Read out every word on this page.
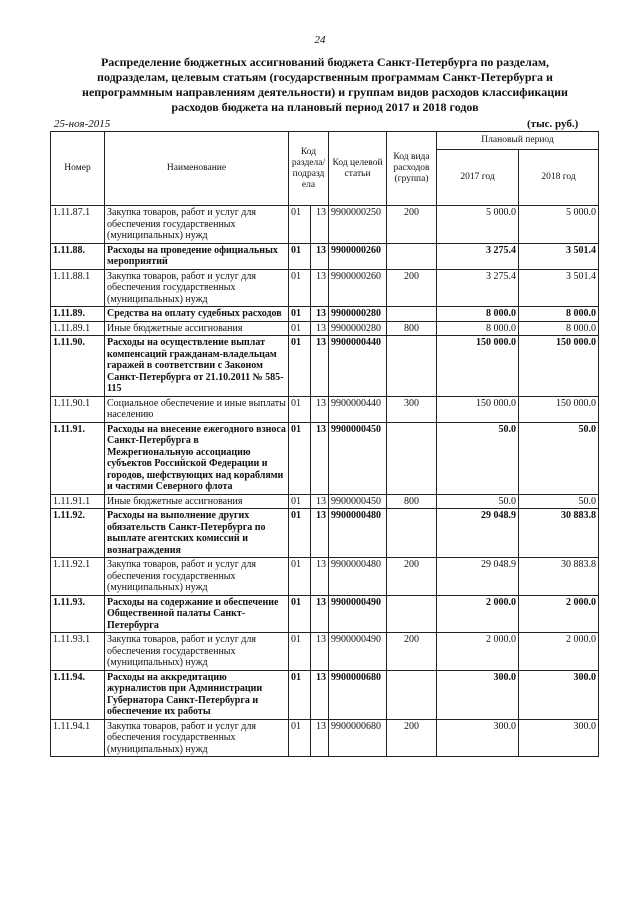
24
Распределение бюджетных ассигнований бюджета Санкт-Петербурга по разделам, подразделам, целевым статьям (государственным программам Санкт-Петербурга и непрограммным направлениям деятельности) и группам видов расходов классификации расходов бюджета на плановый период 2017 и 2018 годов
25-ноя-2015	(тыс. руб.)
Номер	Наименование	Код раздела/ подразд ела		Код целевой статьи	Код вида расходов (группа)	Плановый период	
						2017 год	2018 год
1.11.87.1	Закупка товаров, работ и услуг для обеспечения государственных (муниципальных) нужд	01	13	9900000250	200	5 000.0	5 000.0
1.11.88.	Расходы на проведение официальных мероприятий	01	13	9900000260		3 275.4	3 501.4
1.11.88.1	Закупка товаров, работ и услуг для обеспечения государственных (муниципальных) нужд	01	13	9900000260	200	3 275.4	3 501.4
1.11.89.	Средства на оплату судебных расходов	01	13	9900000280		8 000.0	8 000.0
1.11.89.1	Иные бюджетные ассигнования	01	13	9900000280	800	8 000.0	8 000.0
1.11.90.	Расходы на осуществление выплат компенсаций гражданам-владельцам гаражей в соответствии с Законом Санкт-Петербурга от 21.10.2011 № 585-115	01	13	9900000440		150 000.0	150 000.0
1.11.90.1	Социальное обеспечение и иные выплаты населению	01	13	9900000440	300	150 000.0	150 000.0
1.11.91.	Расходы на внесение ежегодного взноса Санкт-Петербурга в Межрегиональную ассоциацию субъектов Российской Федерации и городов, шефствующих над кораблями и частями Северного флота	01	13	9900000450		50.0	50.0
1.11.91.1	Иные бюджетные ассигнования	01	13	9900000450	800	50.0	50.0
1.11.92.	Расходы на выполнение других обязательств Санкт-Петербурга по выплате агентских комиссий и вознаграждения	01	13	9900000480		29 048.9	30 883.8
1.11.92.1	Закупка товаров, работ и услуг для обеспечения государственных (муниципальных) нужд	01	13	9900000480	200	29 048.9	30 883.8
1.11.93.	Расходы на содержание и обеспечение Общественной палаты Санкт-Петербурга	01	13	9900000490		2 000.0	2 000.0
1.11.93.1	Закупка товаров, работ и услуг для обеспечения государственных (муниципальных) нужд	01	13	9900000490	200	2 000.0	2 000.0
1.11.94.	Расходы на аккредитацию журналистов при Администрации Губернатора Санкт-Петербурга и обеспечение их работы	01	13	9900000680		300.0	300.0
1.11.94.1	Закупка товаров, работ и услуг для обеспечения государственных (муниципальных) нужд	01	13	9900000680	200	300.0	300.0
